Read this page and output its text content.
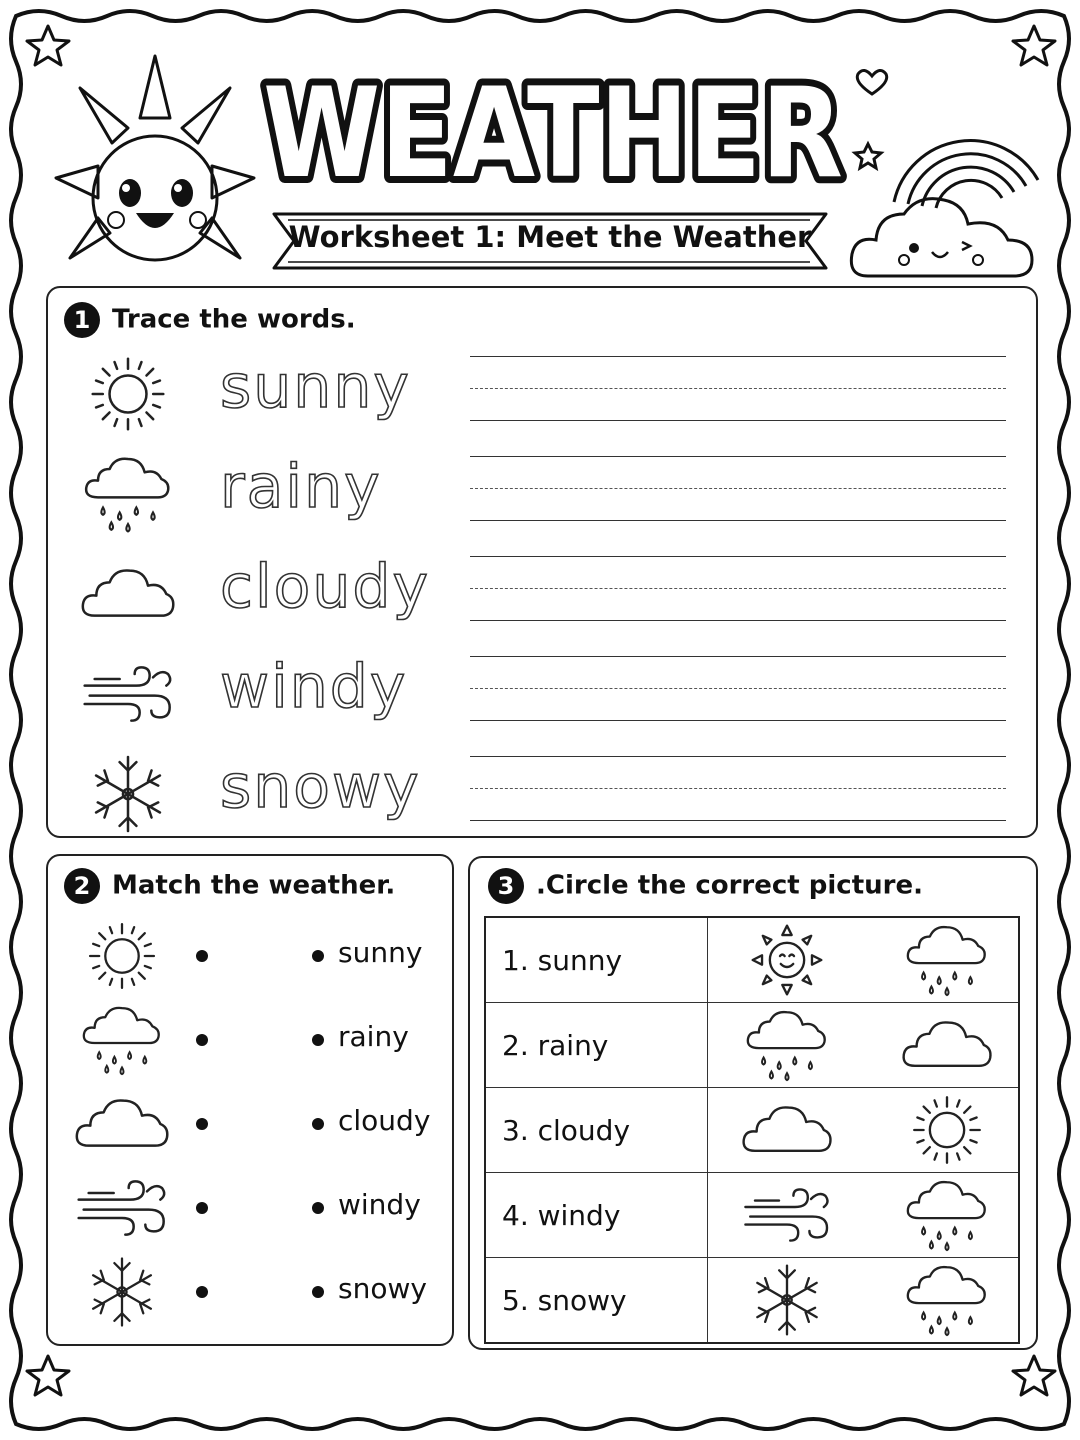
WEATHER
Worksheet 1: Meet the Weather
1 Trace the words.
sunny
rainy
cloudy
windy
snowy
2 Match the weather.
sunny
rainy
cloudy
windy
snowy
3 .Circle the correct picture.
1. sunny	

2. rainy	

3. cloudy	

4. windy	

5. snowy	
